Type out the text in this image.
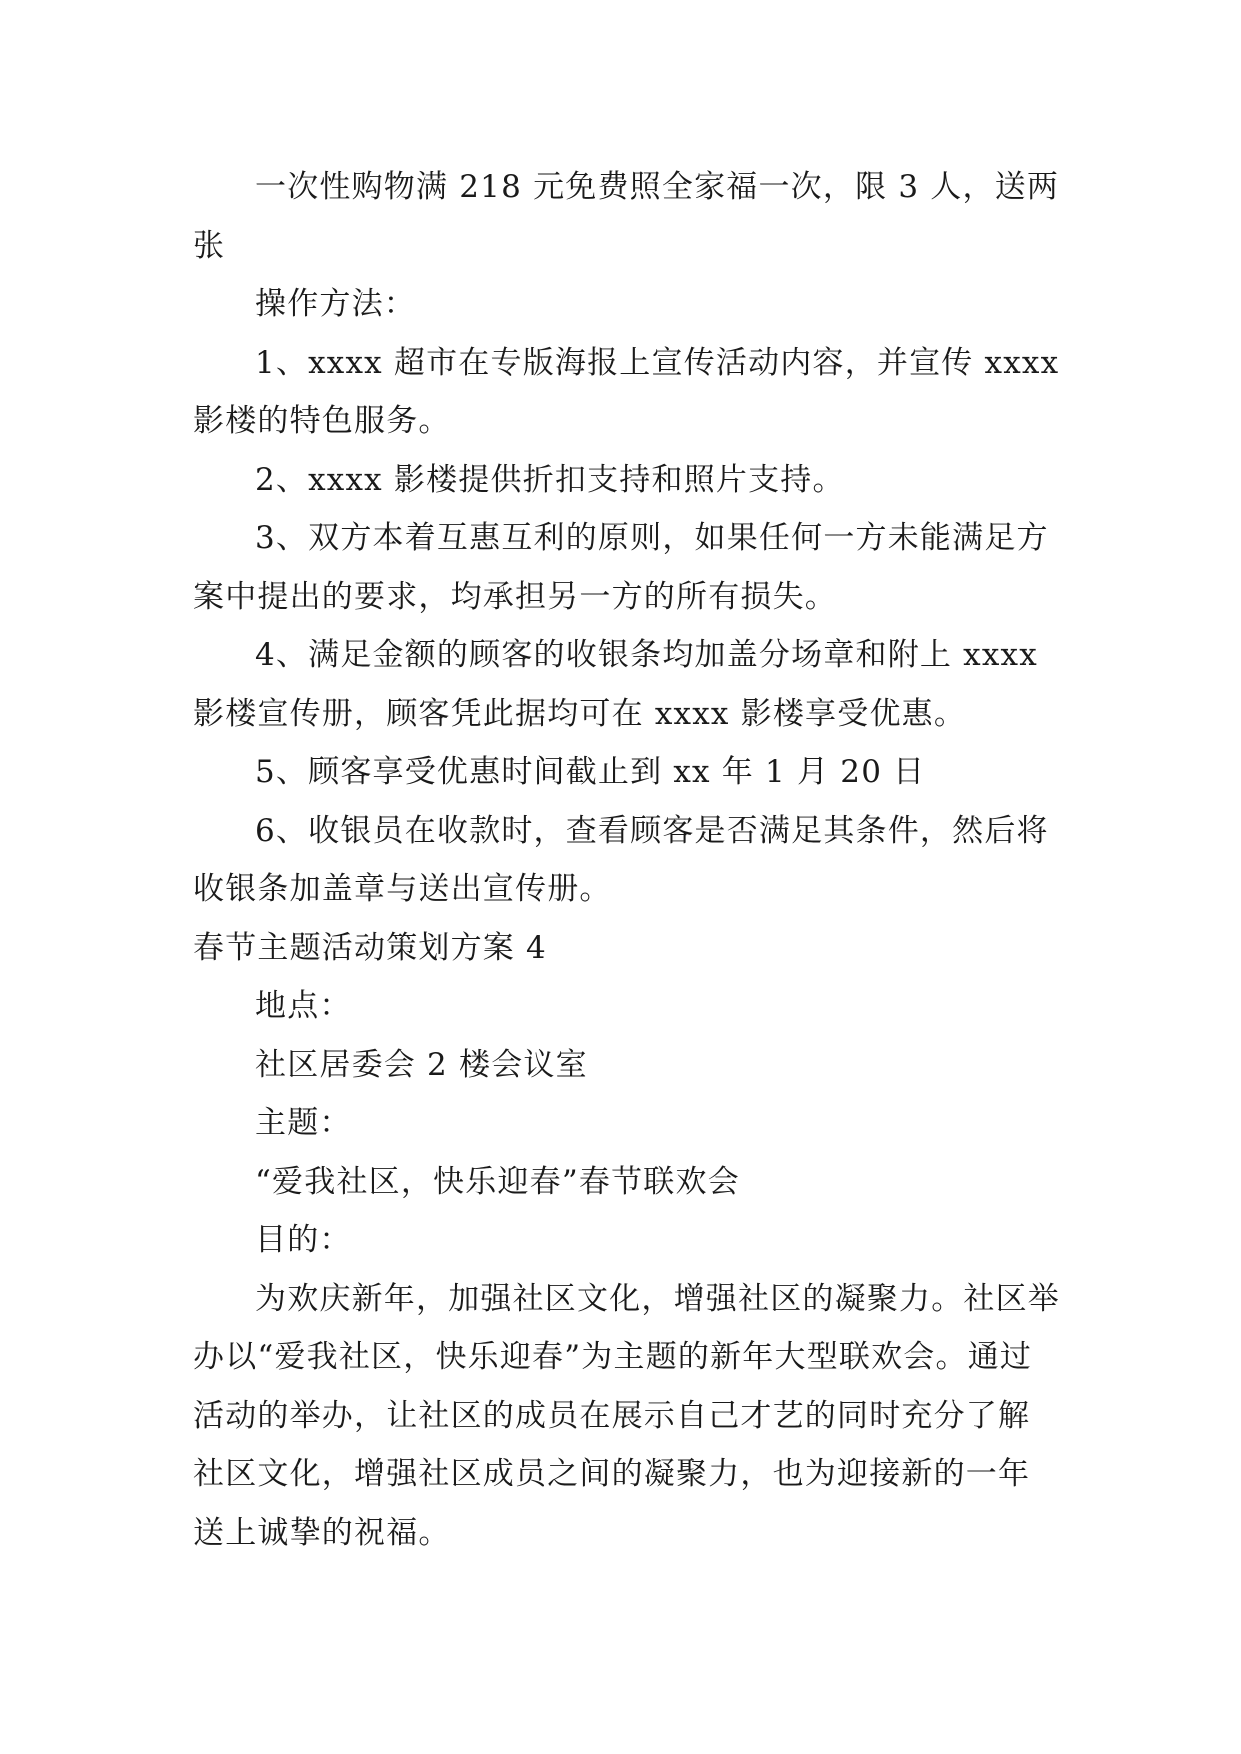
一次性购物满 218 元免费照全家福一次，限 3 人，送两张

操作方法：

1、xxxx 超市在专版海报上宣传活动内容，并宣传 xxxx 影楼的特色服务。

2、xxxx 影楼提供折扣支持和照片支持。

3、双方本着互惠互利的原则，如果任何一方未能满足方案中提出的要求，均承担另一方的所有损失。

4、满足金额的顾客的收银条均加盖分场章和附上 xxxx 影楼宣传册，顾客凭此据均可在 xxxx 影楼享受优惠。

5、顾客享受优惠时间截止到 xx 年 1 月 20 日

6、收银员在收款时，查看顾客是否满足其条件，然后将收银条加盖章与送出宣传册。

春节主题活动策划方案 4

地点：

社区居委会 2 楼会议室

主题：

“爱我社区，快乐迎春”春节联欢会

目的：

为欢庆新年，加强社区文化，增强社区的凝聚力。社区举办以“爱我社区，快乐迎春”为主题的新年大型联欢会。通过活动的举办，让社区的成员在展示自己才艺的同时充分了解社区文化，增强社区成员之间的凝聚力，也为迎接新的一年送上诚挚的祝福。
